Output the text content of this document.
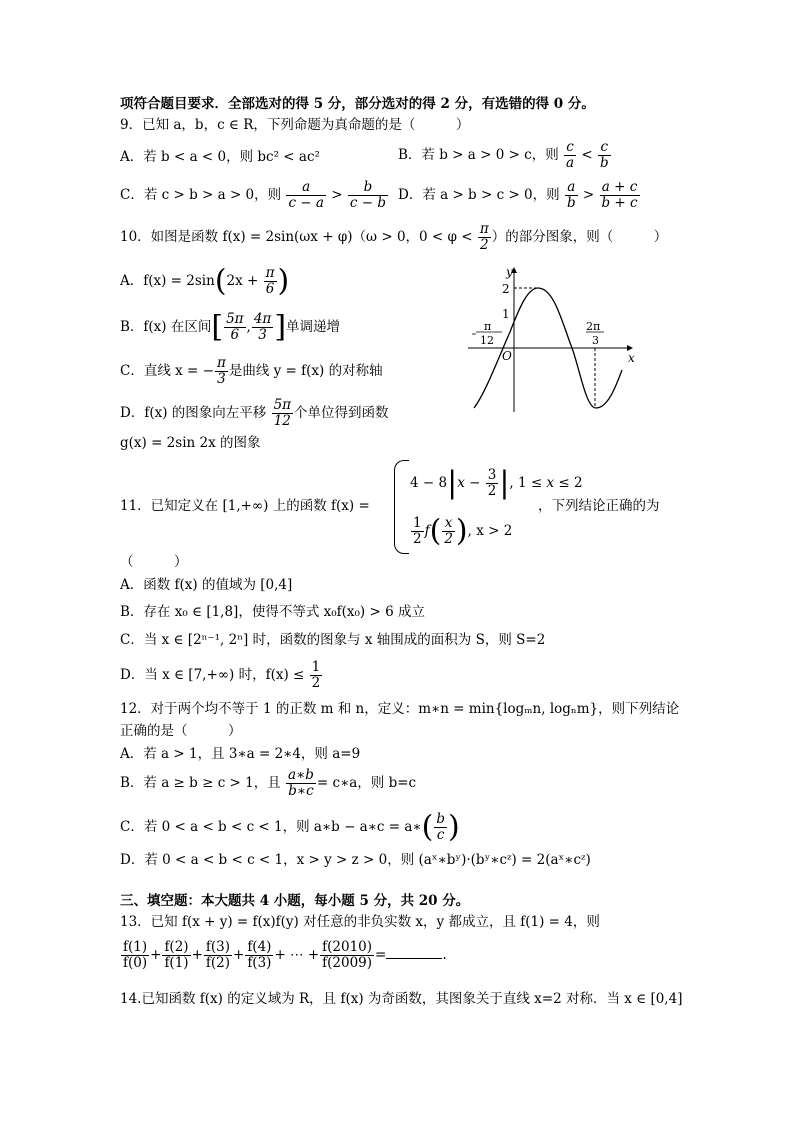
项符合题目要求．全部选对的得 5 分，部分选对的得 2 分，有选错的得 0 分。
9．已知 a，b，c ∈ R，下列命题为真命题的是（　　　）
A．若 b < a < 0，则 bc² < ac²	B．若 b > a > 0 > c，则 $\frac{c}{a} < \frac{c}{b}$
C．若 c > b > a > 0，则 $\frac{a}{c - a} > \frac{b}{c - b}$ D．若 a > b > c > 0，则 $\frac{a}{b} > \frac{a + c}{b + c}$
10．如图是函数 f(x) = 2sin(ωx + φ)（ω > 0，$0 < \varphi < \frac{\pi}{2}$ ）的部分图象，则（　　　）
A．$f(x) = 2\sin(2x + \frac{\pi}{6}$ )
B．f(x) 在区间[ $\frac{5\pi}{6}$ , $\frac{4\pi}{3}$ ]单调递增
C．直线 x = − $\frac{\pi}{3}$ 是曲线 y = f(x) 的对称轴
D．f(x) 的图象向左平移 $\frac{5\pi}{12}$ 个单位得到函数
g(x) = 2sin 2x 的图象
y
x
O
2
1
π
12
2π
3
11．已知定义在 [1,+∞) 上的函数 f(x) =
$4 - 8|x - \frac{3}{2}$ |, 1 ≤ x ≤ 2
$\frac{1}{2} f( \frac{x}{2}$ ), x > 2
，下列结论正确的为
（　　　）
A．函数 f(x) 的值域为 [0,4]
B．存在 x₀ ∈ [1,8]，使得不等式 x₀f(x₀) > 6 成立
C．当 x ∈ [2ⁿ⁻¹, 2ⁿ] 时，函数的图象与 x 轴围成的面积为 S，则 S=2
D．当 x ∈ [7,+∞) 时，$f(x) \le \frac{1}{2}$
12．对于两个均不等于 1 的正数 m 和 n，定义：m∗n = min{logₘn, logₙm}，则下列结论
正确的是（　　　）
A．若 a > 1，且 3∗a = 2∗4，则 a=9
B．若 a ≥ b ≥ c > 1，且 $\frac{a∗b}{b∗c}$ = c∗a，则 b=c
C．若 0 < a < b < c < 1，则 a∗b − a∗c = a∗( $\frac{b}{c}$ )
D．若 0 < a < b < c < 1，x > y > z > 0，则 (aˣ∗bʸ)·(bʸ∗cᶻ) = 2(aˣ∗cᶻ)
三、填空题：本大题共 4 小题，每小题 5 分，共 20 分。
13．已知 f(x + y) = f(x)f(y) 对任意的非负实数 x，y 都成立，且 f(1) = 4，则
$\frac{f(1)}{f(0)} + \frac{f(2)}{f(1)} + \frac{f(3)}{f(2)} + \frac{f(4)}{f(3)}$ + ⋯ + $\frac{f(2010)}{f(2009)}$ =	.
14.已知函数 f(x) 的定义域为 R，且 f(x) 为奇函数，其图象关于直线 x=2 对称．当 x ∈ [0,4]
